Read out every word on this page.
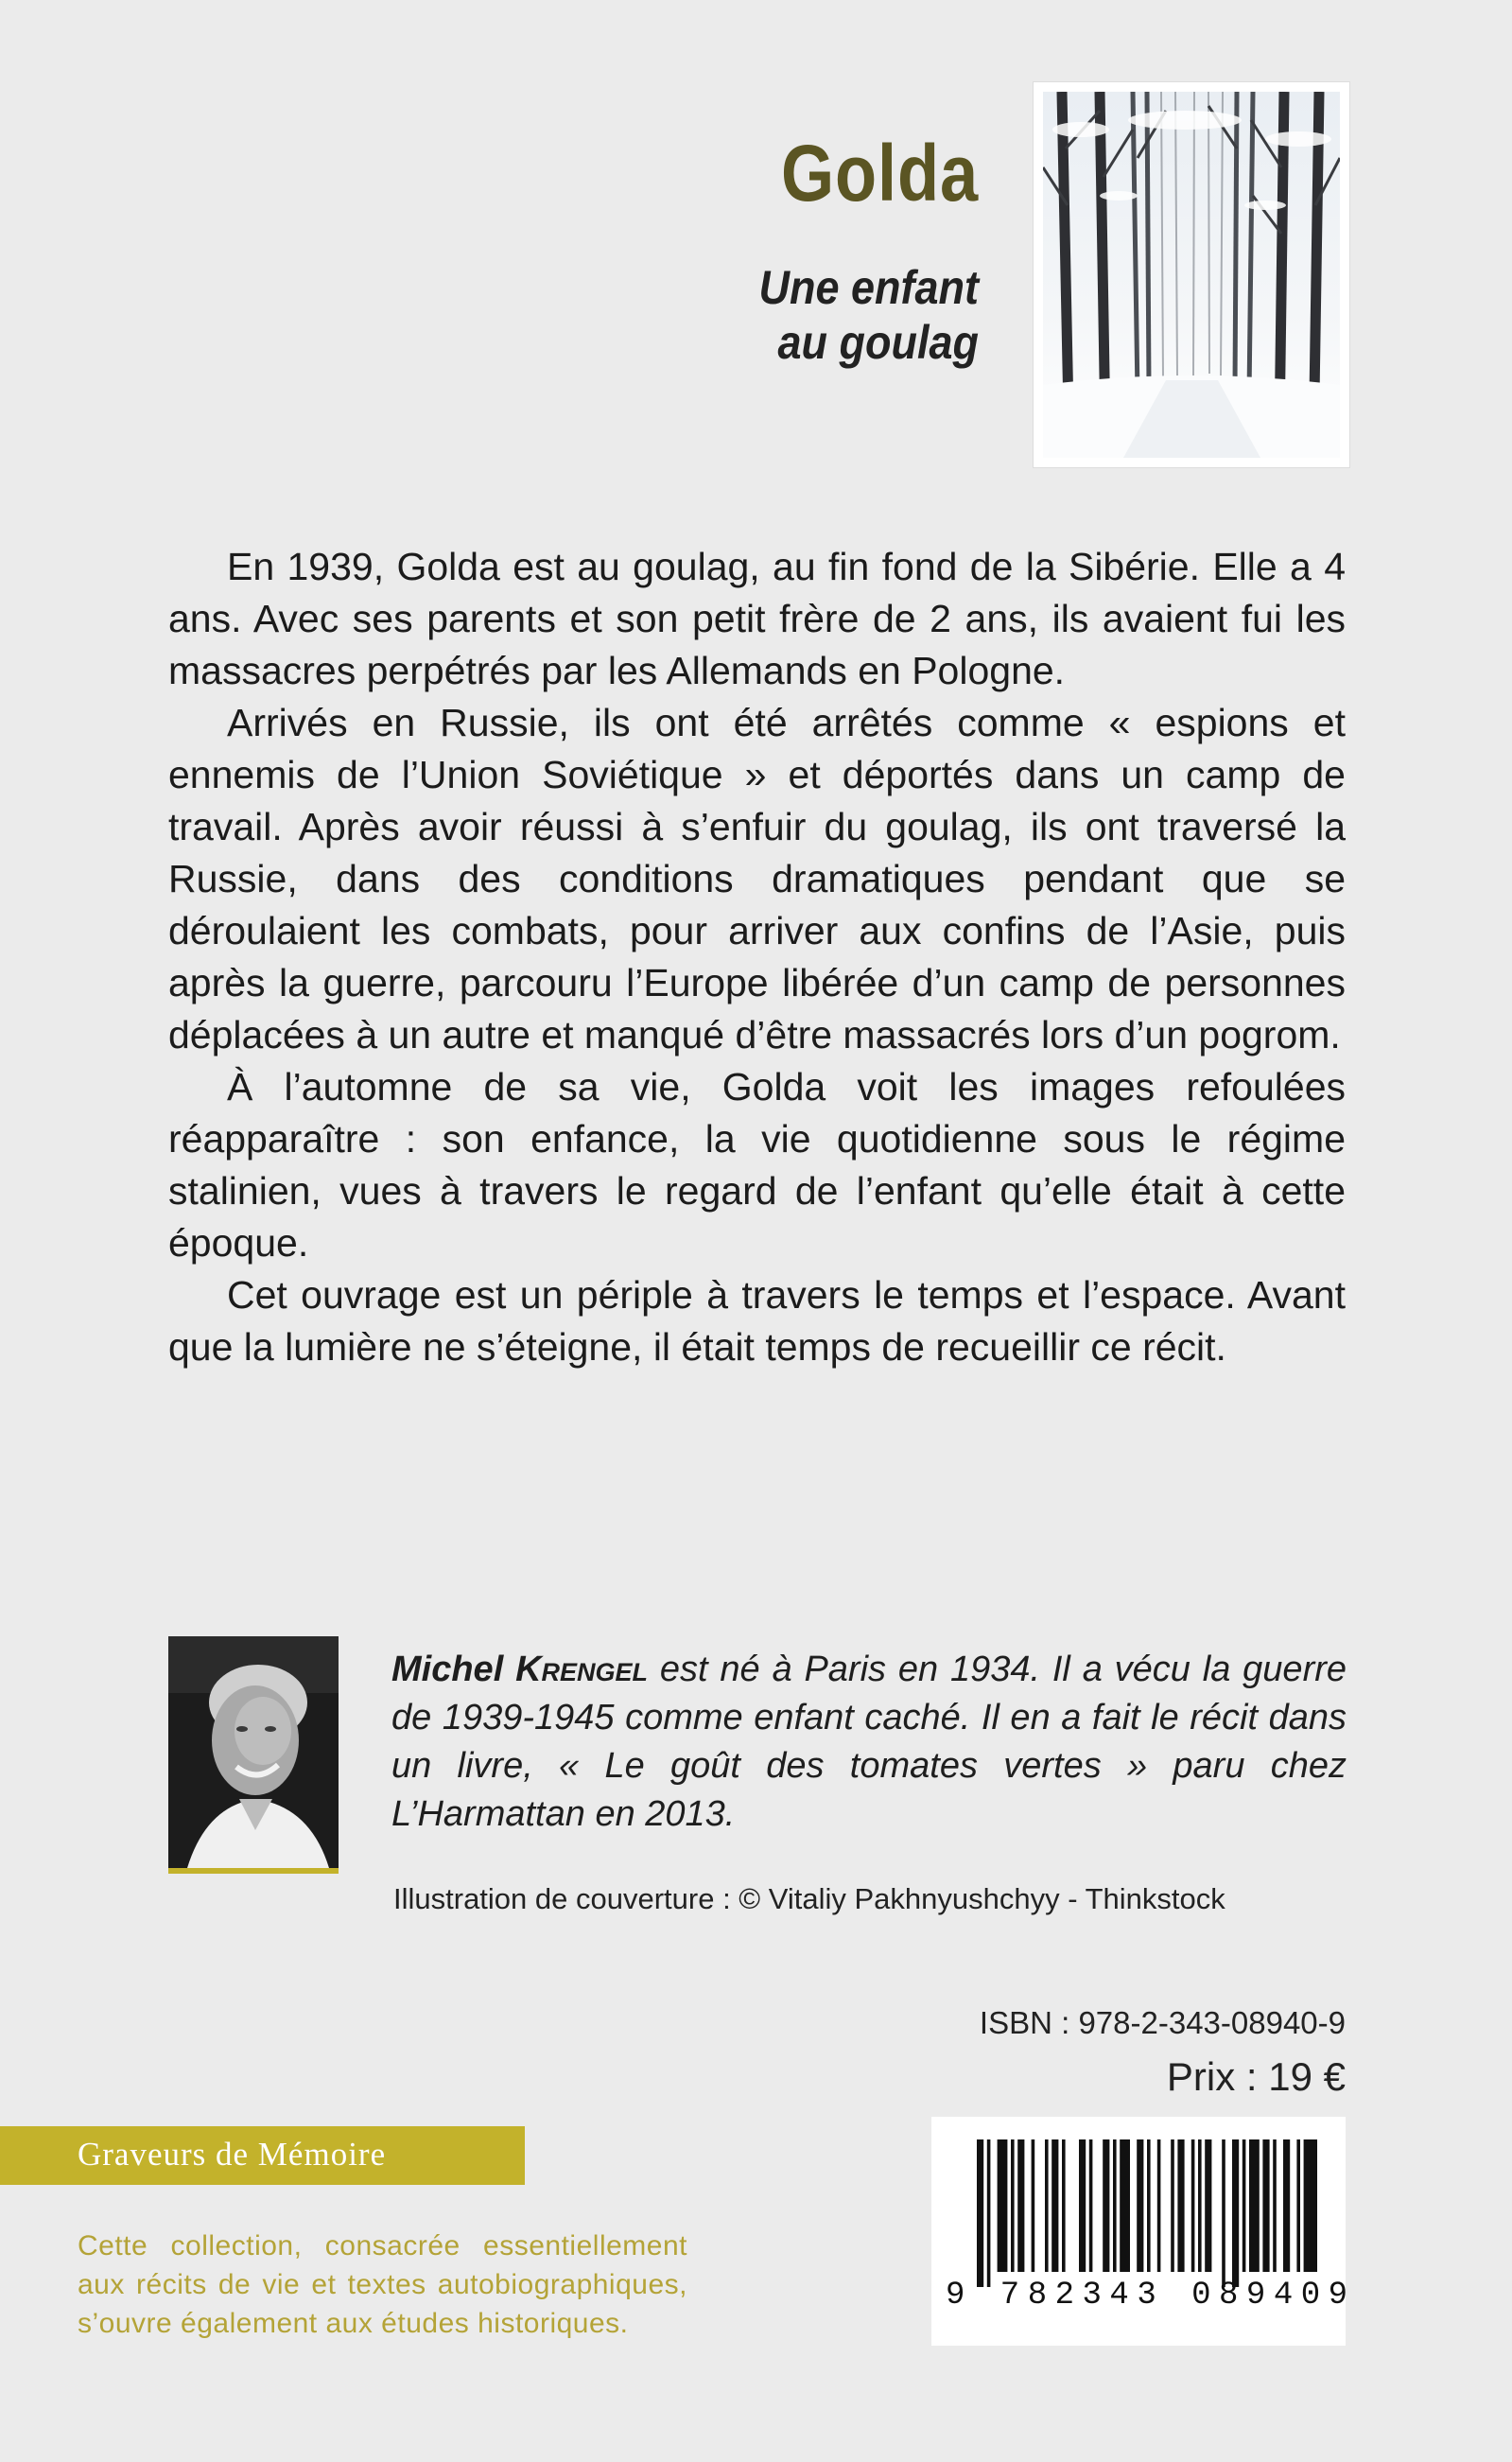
Golda
Une enfant
au goulag

En 1939, Golda est au goulag, au fin fond de la Sibérie. Elle a 4 ans. Avec ses parents et son petit frère de 2 ans, ils avaient fui les massacres perpétrés par les Allemands en Pologne.

Arrivés en Russie, ils ont été arrêtés comme « espions et ennemis de l’Union Soviétique » et déportés dans un camp de travail. Après avoir réussi à s’enfuir du goulag, ils ont traversé la Russie, dans des conditions dramatiques pendant que se déroulaient les combats, pour arriver aux confins de l’Asie, puis après la guerre, parcouru l’Europe libérée d’un camp de personnes déplacées à un autre et manqué d’être massacrés lors d’un pogrom.

À l’automne de sa vie, Golda voit les images refoulées réapparaître : son enfance, la vie quotidienne sous le régime stalinien, vues à travers le regard de l’enfant qu’elle était à cette époque.

Cet ouvrage est un périple à travers le temps et l’espace. Avant que la lumière ne s’éteigne, il était temps de recueillir ce récit.

Michel Krengel est né à Paris en 1934. Il a vécu la guerre de 1939-1945 comme enfant caché. Il en a fait le récit dans un livre, « Le goût des tomates vertes » paru chez L’Harmattan en 2013.
Illustration de couverture : © Vitaliy Pakhnyushchyy - Thinkstock
ISBN : 978-2-343-08940-9
Prix : 19 €
9 782343 089409
Graveurs de Mémoire
Cette collection, consacrée essentiellement aux récits de vie et textes autobiographiques, s’ouvre également aux études historiques.
